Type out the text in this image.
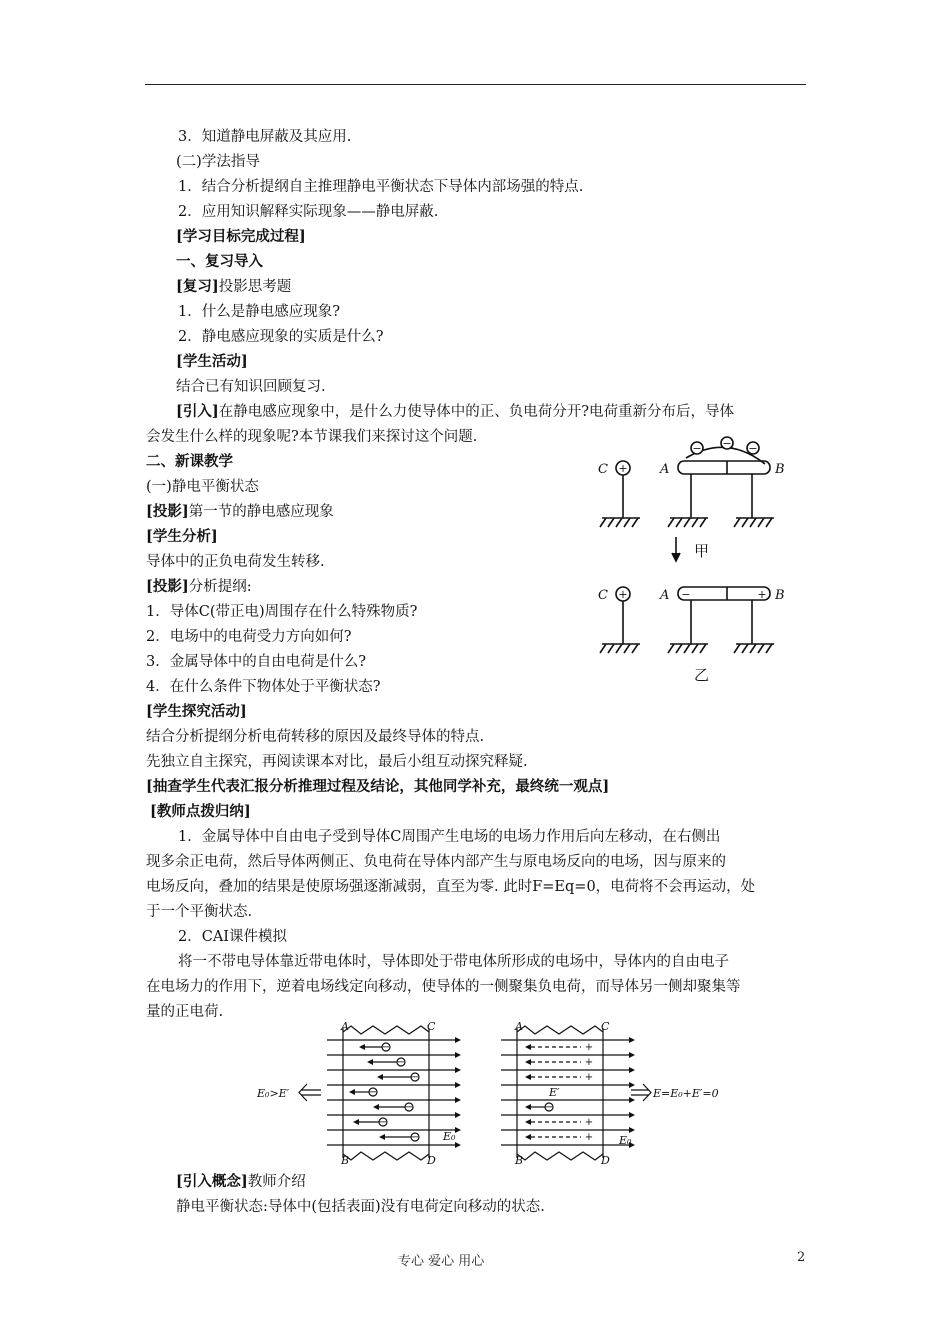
3．知道静电屏蔽及其应用.
(二)学法指导
1．结合分析提纲自主推理静电平衡状态下导体内部场强的特点.
2．应用知识解释实际现象——静电屏蔽.
[学习目标完成过程]
一、复习导入
[复习]投影思考题
1．什么是静电感应现象?
2．静电感应现象的实质是什么?
[学生活动]
结合已有知识回顾复习.
[引入]在静电感应现象中，是什么力使导体中的正、负电荷分开?电荷重新分布后，导体
会发生什么样的现象呢?本节课我们来探讨这个问题.
二、新课教学
(一)静电平衡状态
[投影]第一节的静电感应现象
[学生分析]
导体中的正负电荷发生转移.
[投影]分析提纲:
1．导体C(带正电)周围存在什么特殊物质?
2．电场中的电荷受力方向如何?
3．金属导体中的自由电荷是什么?
4．在什么条件下物体处于平衡状态?
[学生探究活动]
结合分析提纲分析电荷转移的原因及最终导体的特点.
先独立自主探究，再阅读课本对比，最后小组互动探究释疑.
[抽查学生代表汇报分析推理过程及结论，其他同学补充，最终统一观点]
[教师点拨归纳]
1．金属导体中自由电子受到导体C周围产生电场的电场力作用后向左移动，在右侧出
现多余正电荷，然后导体两侧正、负电荷在导体内部产生与原电场反向的电场，因与原来的
电场反向，叠加的结果是使原场强逐渐减弱，直至为零. 此时F=Eq=0，电荷将不会再运动，处
于一个平衡状态.
2．CAI课件模拟
将一不带电导体靠近带电体时，导体即处于带电体所形成的电场中，导体内的自由电子
在电场力的作用下，逆着电场线定向移动，使导体的一侧聚集负电荷，而导体另一侧却聚集等
量的正电荷.
[引入概念]教师介绍
静电平衡状态:导体中(包括表面)没有电荷定向移动的状态.
C	A	B
C	A	B
+
− − −
+	−	+
甲
乙
−
−
−
−
−
−
−
−
+
+
+
+
+
A	C
B	D
E₀
A	C
B	D
E′
E₀
E₀>E′	E=E₀+E′=0
专心 爱心 用心	2
